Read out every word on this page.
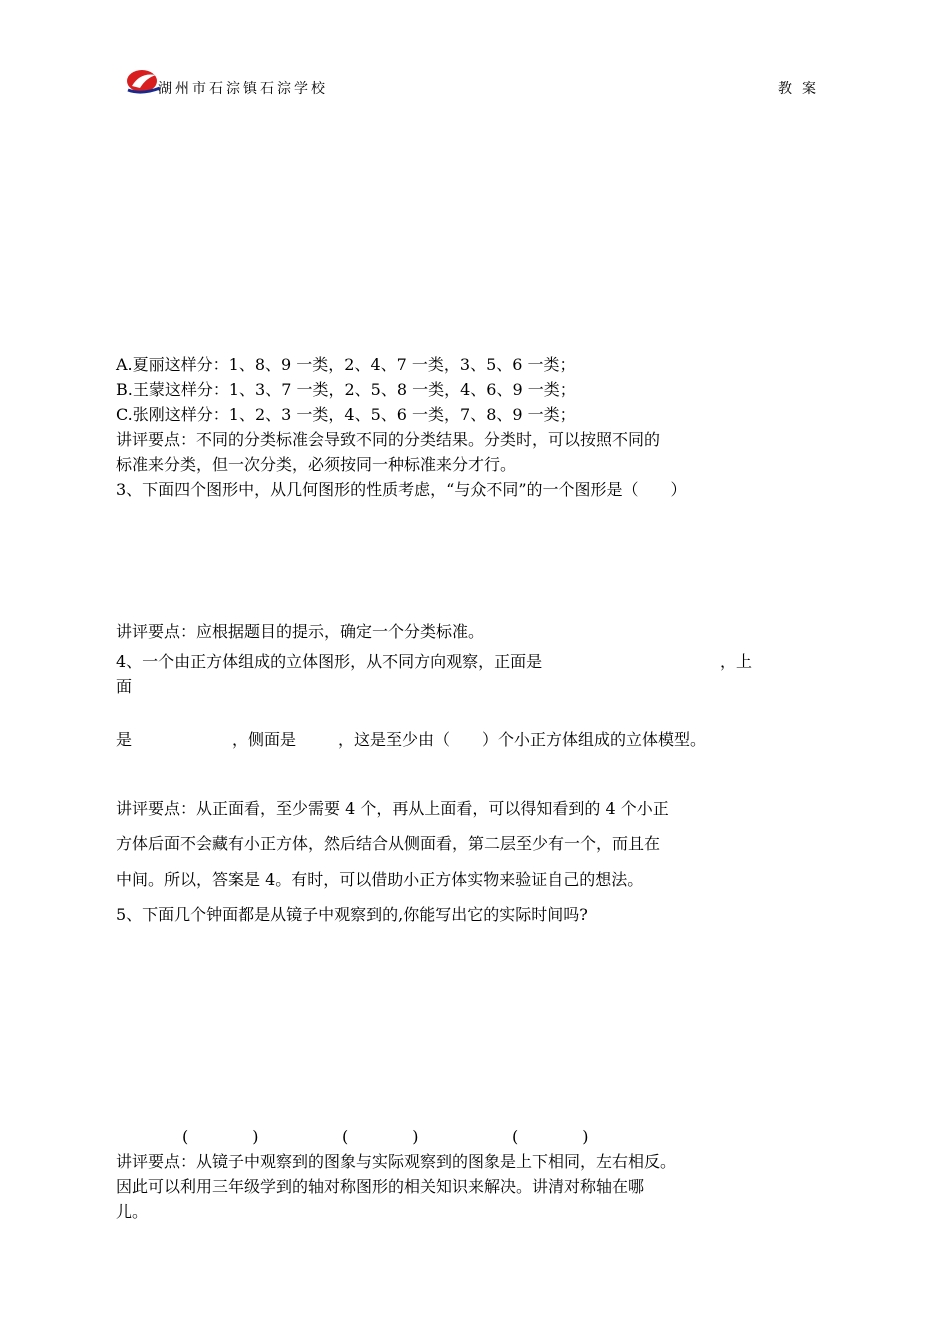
湖州市石淙镇石淙学校	教案
A.夏丽这样分：1、8、9 一类，2、4、7 一类，3、5、6 一类；
B.王蒙这样分：1、3、7 一类，2、5、8 一类，4、6、9 一类；
C.张刚这样分：1、2、3 一类，4、5、6 一类，7、8、9 一类；
讲评要点：不同的分类标准会导致不同的分类结果。分类时，可以按照不同的
标准来分类，但一次分类，必须按同一种标准来分才行。
3、下面四个图形中，从几何图形的性质考虑，“与众不同”的一个图形是（　　）
讲评要点：应根据题目的提示，确定一个分类标准。
4、一个由正方体组成的立体图形，从不同方向观察，正面是	，上
面
是	，侧面是	，这是至少由（　　）个小正方体组成的立体模型。
讲评要点：从正面看，至少需要 4 个，再从上面看，可以得知看到的 4 个小正
方体后面不会藏有小正方体，然后结合从侧面看，第二层至少有一个，而且在
中间。所以，答案是 4。有时，可以借助小正方体实物来验证自己的想法。
5、下面几个钟面都是从镜子中观察到的,你能写出它的实际时间吗?
(　　　　)	(　　　　)	(　　　　)
讲评要点：从镜子中观察到的图象与实际观察到的图象是上下相同，左右相反。
因此可以利用三年级学到的轴对称图形的相关知识来解决。讲清对称轴在哪
儿。
